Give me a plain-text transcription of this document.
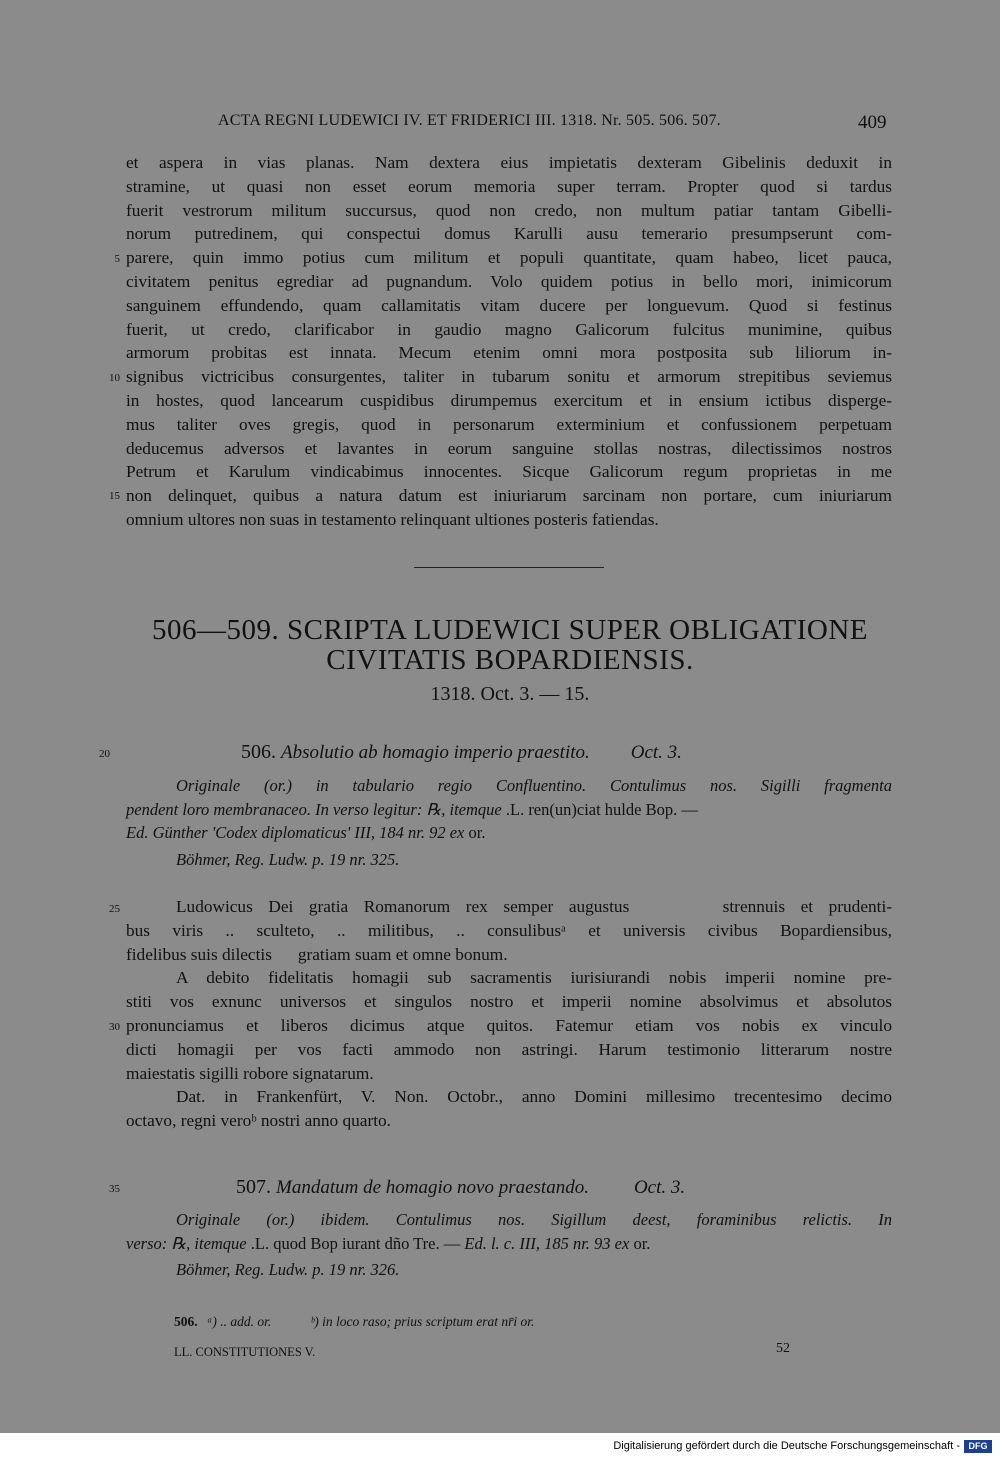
ACTA REGNI LUDEWICI IV. ET FRIDERICI III. 1318. Nr. 505. 506. 507.	409
et aspera in vias planas. Nam dextera eius impietatis dexteram Gibelinis deduxit in
stramine, ut quasi non esset eorum memoria super terram. Propter quod si tardus
fuerit vestrorum militum succursus, quod non credo, non multum patiar tantam Gibelli-
norum putredinem, qui conspectui domus Karulli ausu temerario presumpserunt com-
parere, quin immo potius cum militum et populi quantitate, quam habeo, licet pauca,
civitatem penitus egrediar ad pugnandum. Volo quidem potius in bello mori, inimicorum
sanguinem effundendo, quam callamitatis vitam ducere per longuevum. Quod si festinus
fuerit, ut credo, clarificabor in gaudio magno Galicorum fulcitus munimine, quibus
armorum probitas est innata. Mecum etenim omni mora postposita sub liliorum in-
signibus victricibus consurgentes, taliter in tubarum sonitu et armorum strepitibus seviemus
in hostes, quod lancearum cuspidibus dirumpemus exercitum et in ensium ictibus disperge-
mus taliter oves gregis, quod in personarum exterminium et confussionem perpetuam
deducemus adversos et lavantes in eorum sanguine stollas nostras, dilectissimos nostros
Petrum et Karulum vindicabimus innocentes. Sicque Galicorum regum proprietas in me
non delinquet, quibus a natura datum est iniuriarum sarcinam non portare, cum iniuriarum
omnium ultores non suas in testamento relinquant ultiones posteris fatiendas.
5
10
15
506—509. SCRIPTA LUDEWICI SUPER OBLIGATIONE
CIVITATIS BOPARDIENSIS.
1318. Oct. 3. — 15.
20	506. Absolutio ab homagio imperio praestito. Oct. 3.
Originale (or.) in tabulario regio Confluentino. Contulimus nos. Sigilli fragmenta
pendent loro membranaceo. In verso legitur: ℞, itemque .L. ren(un)ciat hulde Bop. —
Ed. Günther 'Codex diplomaticus' III, 184 nr. 92 ex or.
Böhmer, Reg. Ludw. p. 19 nr. 325.
25
30
Ludowicus Dei gratia Romanorum rex semper augustus      strennuis et prudenti-
bus viris .. sculteto, .. militibus, .. consulibusᵃ et universis civibus Bopardiensibus,
fidelibus suis dilectis      gratiam suam et omne bonum.
A debito fidelitatis homagii sub sacramentis iurisiurandi nobis imperii nomine pre-
stiti vos exnunc universos et singulos nostro et imperii nomine absolvimus et absolutos
pronunciamus et liberos dicimus atque quitos. Fatemur etiam vos nobis ex vinculo
dicti homagii per vos facti ammodo non astringi. Harum testimonio litterarum nostre
maiestatis sigilli robore signatarum.
Dat. in Frankenfürt, V. Non. Octobr., anno Domini millesimo trecentesimo decimo
octavo, regni veroᵇ nostri anno quarto.
35	507. Mandatum de homagio novo praestando. Oct. 3.
Originale (or.) ibidem. Contulimus nos. Sigillum deest, foraminibus relictis. In
verso: ℞, itemque .L. quod Bop iurant dño Tre. — Ed. l. c. III, 185 nr. 93 ex or.
Böhmer, Reg. Ludw. p. 19 nr. 326.
506. ᵃ) .. add. or.	ᵇ) in loco raso; prius scriptum erat nr̄i or.
LL. CONSTITUTIONES V.	52
Digitalisierung gefördert durch die Deutsche Forschungsgemeinschaft - DFG
